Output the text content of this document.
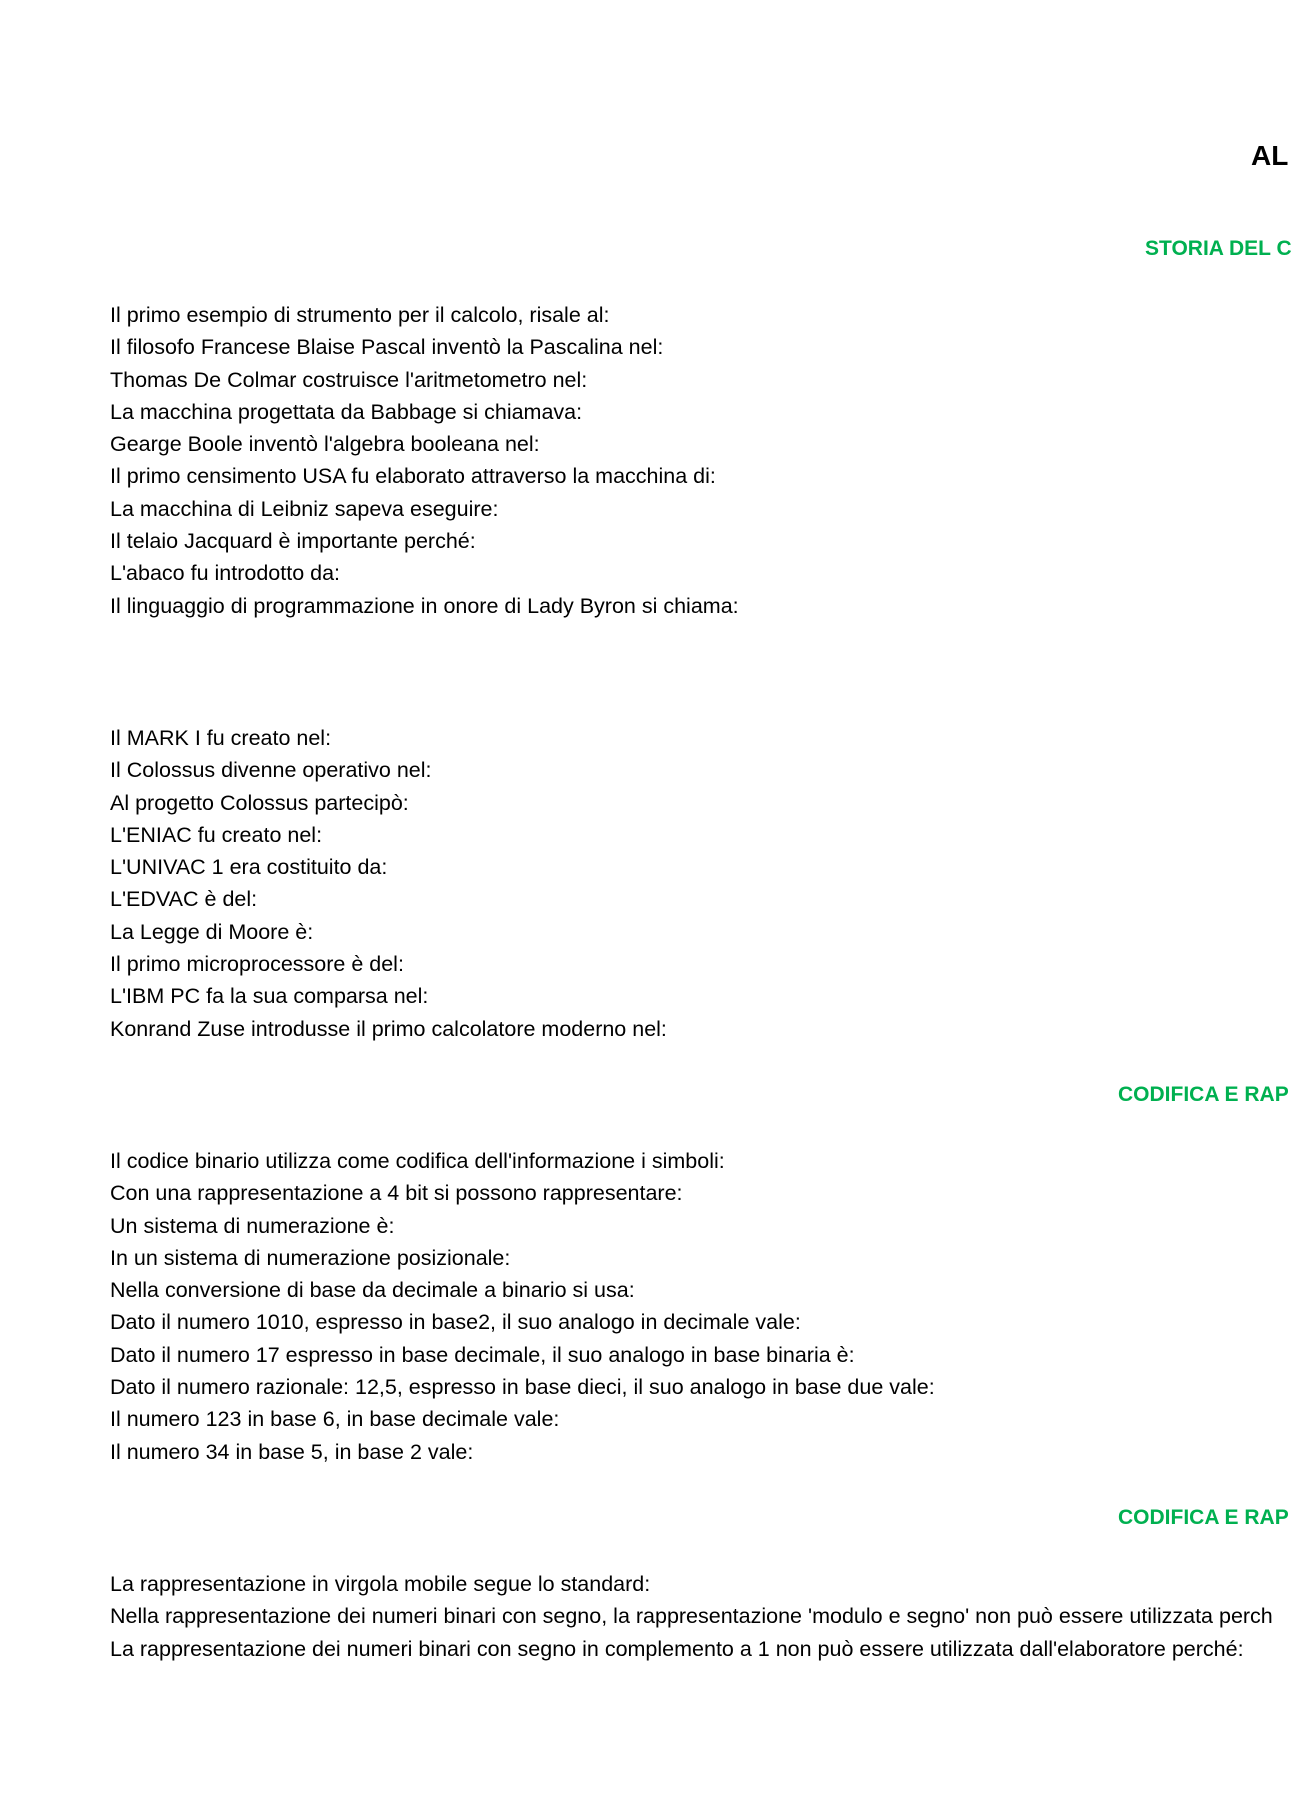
AL
STORIA DEL C
Il primo esempio di strumento per il calcolo, risale al:
Il filosofo Francese Blaise Pascal inventò la Pascalina nel:
Thomas De Colmar costruisce l'aritmetometro nel:
La macchina progettata da Babbage si chiamava:
Gearge Boole inventò l'algebra booleana nel:
Il primo censimento USA fu elaborato attraverso la macchina di:
La macchina di Leibniz sapeva eseguire:
Il telaio Jacquard è importante perché:
L'abaco fu introdotto da:
Il linguaggio di programmazione in onore di Lady Byron si chiama:
Il MARK I fu creato nel:
Il Colossus divenne operativo nel:
Al progetto Colossus partecipò:
L'ENIAC fu creato nel:
L'UNIVAC 1 era costituito da:
L'EDVAC è del:
La Legge di Moore è:
Il primo microprocessore è del:
L'IBM PC fa la sua comparsa nel:
Konrand Zuse introdusse il primo calcolatore moderno nel:
CODIFICA E RAP
Il codice binario utilizza come codifica dell'informazione i simboli:
Con una rappresentazione a 4 bit si possono rappresentare:
Un sistema di numerazione è:
In un sistema di numerazione posizionale:
Nella conversione di base da decimale a binario si usa:
Dato il numero 1010, espresso in base2, il suo analogo in decimale vale:
Dato il numero 17 espresso in base decimale, il suo analogo in base binaria è:
Dato il numero razionale: 12,5, espresso in base dieci, il suo analogo in base due vale:
Il numero 123 in base 6, in base decimale vale:
Il numero 34 in base 5, in base 2 vale:
CODIFICA E RAP
La rappresentazione in virgola mobile segue lo standard:
Nella rappresentazione dei numeri binari con segno, la rappresentazione 'modulo e segno' non può essere utilizzata perch
La rappresentazione dei numeri binari con segno in complemento a 1 non può essere utilizzata dall'elaboratore perché:
